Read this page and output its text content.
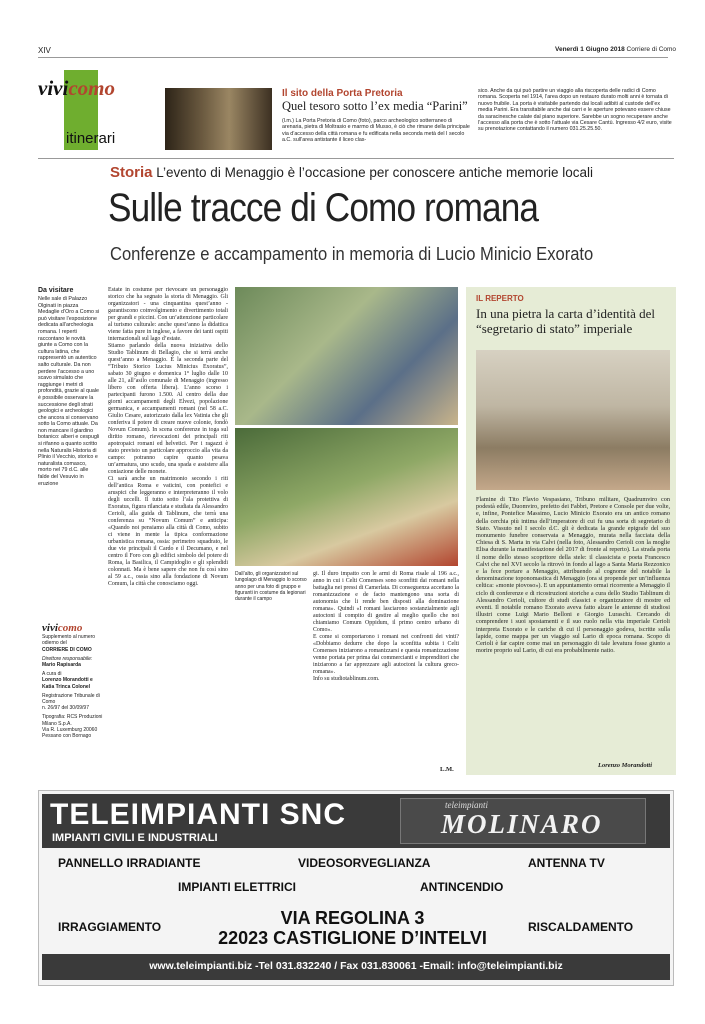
XIV	Venerdì 1 Giugno 2018 Corriere di Como
vivicomo
itinerari
Il sito della Porta Pretoria
Quel tesoro sotto l’ex media “Parini”
(l.m.) La Porta Pretoria di Como (foto), parco archeologico sotterraneo di arenaria, pietra di Moltrasio e marmo di Musso, è ciò che rimane della principale via d’accesso della città romana e fu edificata nella seconda metà del I secolo a.C. sull’area antistante il liceo clas-
sico. Anche da qui può partire un viaggio alla riscoperta delle radici di Como romana. Scoperta nel 1914, l’area dopo un restauro durato molti anni è tornata di nuovo fruibile. La porta è visitabile partendo dai locali adibiti al custode dell’ex media Parini. Era transitabile anche dai carri e le aperture potevano essere chiuse da saracinesche calate dal piano superiore. Sarebbe un sogno recuperare anche l’accesso alla porta che è sotto l’attuale via Cesare Cantù. Ingresso 4/2 euro, visite su prenotazione contattando il numero 031.25.25.50.
Storia L’evento di Menaggio è l’occasione per conoscere antiche memorie locali
Sulle tracce di Como romana
Conferenze e accampamento in memoria di Lucio Minicio Exorato
Da visitare
Nelle sale di Palazzo Olginati in piazza Medaglie d’Oro a Como si può visitare l’esposizione dedicata all’archeologia romana. I reperti raccontano le novità giunte a Como con la cultura latina, che rappresentò un autentico salto culturale. Da non perdere l’accesso a uno scavo simulato che raggiunge i metri di profondità, grazie al quale è possibile osservare la successione degli strati geologici e archeologici che ancora si conservano sotto la Como attuale. Da non mancare il giardino botanico: alberi e cespugli si rifanno a quanto scritto nella Naturalis Historia di Plinio il Vecchio, storico e naturalista comasco, morto nel 79 d.C. alle falde del Vesuvio in eruzione
vivicomo
Supplemento al numero odierno del
CORRIERE DI COMO
Direttore responsabile:
Mario Rapisarda
A cura di
Lorenzo Morandotti e Katia Trinca Colonel
Registrazione Tribunale di Como
n. 26/97 del 30/09/97
Tipografia: RCS Produzioni Milano S.p.A.
Via R. Luxemburg 20060 Pessano con Bornago
Estate in costume per rievocare un personaggio storico che ha segnato la storia di Menaggio. Gli organizzatori - una cinquantina quest’anno - garantiscono coinvolgimento e divertimento totali per grandi e piccini. Con un’attenzione particolare al turismo culturale: anche quest’anno la didattica viene fatta pure in inglese, a favore dei tanti ospiti internazionali sul lago d’estate.
Stiamo parlando della nuova iniziativa dello Studio Tablinum di Bellagio, che si terrà anche quest’anno a Menaggio. È la seconda parte del “Tributo Storico Lucius Minicius Exoratus”, sabato 30 giugno e domenica 1° luglio dalle 10 alle 21, all’asilo comunale di Menaggio (ingresso libero con offerta libera). L’anno scorso i partecipanti furono 1.500. Al centro della due giorni accampamenti degli Elvezi, popolazione germanica, e accampamenti romani (nel 58 a.C. Giulio Cesare, autorizzato dalla lex Vatinia che gli conferiva il potere di creare nuove colonie, fondò Novum Comum). In scena conferenze in toga sul diritto romano, rievocazioni dei principali riti apotropaici romani ed helvetici. Per i ragazzi è stato previsto un particolare approccio alla vita da campo: potranno capire quanto pesava un’armatura, uno scudo, una spada e assistere alla coniazione delle monete.
Ci sarà anche un matrimonio secondo i riti dell’antica Roma e vaticini, con pontefici e aruspici che leggeranno e interpreteranno il volo degli uccelli. Il tutto sotto l’ala protettiva di Exoratus, figura rilanciata e studiata da Alessandro Cerioli, alla guida di Tablinum, che terrà una conferenza su “Novum Comum” e anticipa: «Quando noi pensiamo alla città di Como, subito ci viene in mente la tipica conformazione urbanistica romana, ossia: perimetro squadrato, le due vie principali il Cardo e il Decumano, e nel centro il Foro con gli edifici simbolo del potere di Roma, la Basilica, il Campidoglio e gli splendidi colonnati. Ma è bene sapere che non fu così sino al 59 a.c., ossia sino alla fondazione di Novum Comum, la città che conosciamo oggi.
Dall’alto, gli organizzatori sul lungolago di Menaggio lo scorso anno per una foto di gruppo e figuranti in costume da legionari durante il campo
gi. Il duro impatto con le armi di Roma risale al 196 a.c., anno in cui i Celti Comenses sono sconfitti dai romani nella battaglia nei pressi di Camerlata. Di conseguenza accettano la romanizzazione e de facto mantengono una sorta di autonomia che li rende ben disposti alla dominazione romana». Quindi «I romani lasciarono sostanzialmente agli autoctoni il compito di gestire al meglio quello che noi chiamiamo Comum Oppidum, il primo centro urbano di Como».
E come si comportarono i romani nei confronti dei vinti? «Dobbiamo dedurre che dopo la sconfitta subita i Celti Comenses iniziarono a romanizzarsi e questa romanizzazione venne portata per prima dai commercianti e imprenditori che iniziarono a far apprezzare agli autoctoni la cultura greco-romana».
Info su studiotablinum.com.
L.M.
IL REPERTO
In una pietra la carta d’identità del “segretario di stato” imperiale
Flamine di Tito Flavio Vespasiano, Tribuno militare, Quadrumviro con podestà edile, Duomviro, prefetto dei Fabbri, Pretore e Console per due volte, e, infine, Pontefice Massimo, Lucio Minicio Exorato era un antico romano della cerchia più intima dell’imperatore di cui fu una sorta di segretario di Stato. Vissuto nel I secolo d.C. gli è dedicata la grande epigrafe del suo monumento funebre conservata a Menaggio, murata nella facciata della Chiesa di S. Marta in via Calvi (nella foto, Alessandro Cerioli con la moglie Elisa durante la manifestazione del 2017 di fronte al reperto). La strada porta il nome dello stesso scopritore della stele: il classicista e poeta Francesco Calvi che nel XVI secolo la ritrovò in fondo al lago a Santa Maria Rezzonico e la fece portare a Menaggio, attribuendo al cognome del notabile la denominazione toponomastica di Menaggio (ora si propende per un’influenza celtica: «monte piovoso»). E un appuntamento ormai ricorrente a Menaggio il ciclo di conferenze e di ricostruzioni storiche a cura dello Studio Tablinum di Alessandro Cerioli, cultore di studi classici e organizzatore di mostre ed eventi. Il notabile romano Exorato aveva fatto alzare le antenne di studiosi illustri come Luigi Mario Belloni e Giorgio Luraschi. Cercando di comprendere i suoi spostamenti e il suo ruolo nella vita imperiale Cerioli interpreta Exorato e le cariche di cui il personaggio godeva, iscritte sulla lapide, come mappa per un viaggio sul Lario di epoca romana. Scopo di Cerioli è far capire come mai un personaggio di tale levatura fosse giunto a morire proprio sul Lario, di cui era probabilmente natio.
Lorenzo Morandotti
TELEIMPIANTI SNC
IMPIANTI CIVILI E INDUSTRIALI
teleimpianti
MOLINARO
PANNELLO IRRADIANTE	VIDEOSORVEGLIANZA	ANTENNA TV
IMPIANTI ELETTRICI	ANTINCENDIO
IRRAGGIAMENTO	RISCALDAMENTO
VIA REGOLINA 3
22023 CASTIGLIONE D’INTELVI
www.teleimpianti.biz -Tel 031.832240 / Fax 031.830061 -Email: info@teleimpianti.biz
